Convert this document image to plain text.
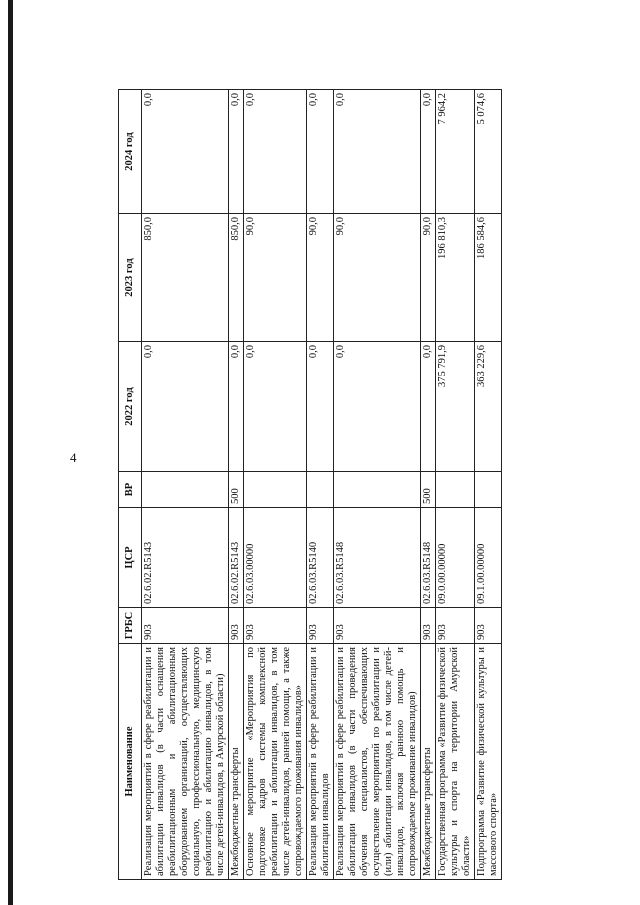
4
Наименование	ГРБС	ЦСР	ВР	2022 год	2023 год	2024 год
Реализация мероприятий в сфере реабилитации и абилитации инвалидов (в части оснащения реабилитационным и абилитационным оборудованием организаций, осуществляющих социальную, профессиональную, медицинскую реабилитацию и абилитацию инвалидов, в том числе детей-инвалидов, в Амурской области)	903	02.6.02.R5143		0,0	850,0	0,0
Межбюджетные трансферты	903	02.6.02.R5143	500	0,0	850,0	0,0
Основное мероприятие «Мероприятия по подготовке кадров системы комплексной реабилитации и абилитации инвалидов, в том числе детей-инвалидов, ранней помощи, а также сопровождаемого проживания инвалидов»	903	02.6.03.00000		0,0	90,0	0,0
Реализация мероприятий в сфере реабилитации и абилитации инвалидов	903	02.6.03.R5140		0,0	90,0	0,0
Реализация мероприятий в сфере реабилитации и абилитации инвалидов (в части проведения обучения специалистов, обеспечивающих осуществление мероприятий по реабилитации и (или) абилитации инвалидов, в том числе детей-инвалидов, включая раннюю помощь и сопровождаемое проживание инвалидов)	903	02.6.03.R5148		0,0	90,0	0,0
Межбюджетные трансферты	903	02.6.03.R5148	500	0,0	90,0	0,0
Государственная программа «Развитие физической культуры и спорта на территории Амурской области»	903	09.0.00.00000		375 791,9	196 810,3	7 964,2
Подпрограмма «Развитие физической культуры и массового спорта»	903	09.1.00.00000		363 229,6	186 584,6	5 074,6
